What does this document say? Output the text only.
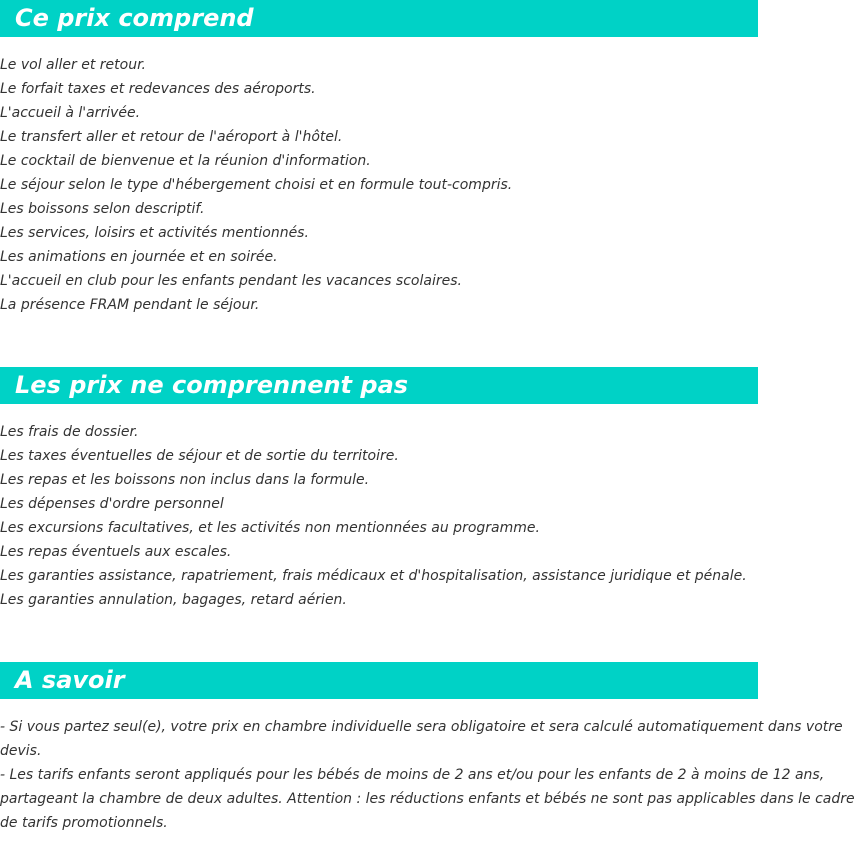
Ce prix comprend
Le vol aller et retour.
Le forfait taxes et redevances des aéroports.
L'accueil à l'arrivée.
Le transfert aller et retour de l'aéroport à l'hôtel.
Le cocktail de bienvenue et la réunion d'information.
Le séjour selon le type d'hébergement choisi et en formule tout-compris.
Les boissons selon descriptif.
Les services, loisirs et activités mentionnés.
Les animations en journée et en soirée.
L'accueil en club pour les enfants pendant les vacances scolaires.
La présence FRAM pendant le séjour.
Les prix ne comprennent pas
Les frais de dossier.
Les taxes éventuelles de séjour et de sortie du territoire.
Les repas et les boissons non inclus dans la formule.
Les dépenses d'ordre personnel
Les excursions facultatives, et les activités non mentionnées au programme.
Les repas éventuels aux escales.
Les garanties assistance, rapatriement, frais médicaux et d'hospitalisation, assistance juridique et pénale.
Les garanties annulation, bagages, retard aérien.
A savoir
- Si vous partez seul(e), votre prix en chambre individuelle sera obligatoire et sera calculé automatiquement dans votre
devis.
- Les tarifs enfants seront appliqués pour les bébés de moins de 2 ans et/ou pour les enfants de 2 à moins de 12 ans,
partageant la chambre de deux adultes. Attention : les réductions enfants et bébés ne sont pas applicables dans le cadre
de tarifs promotionnels.
